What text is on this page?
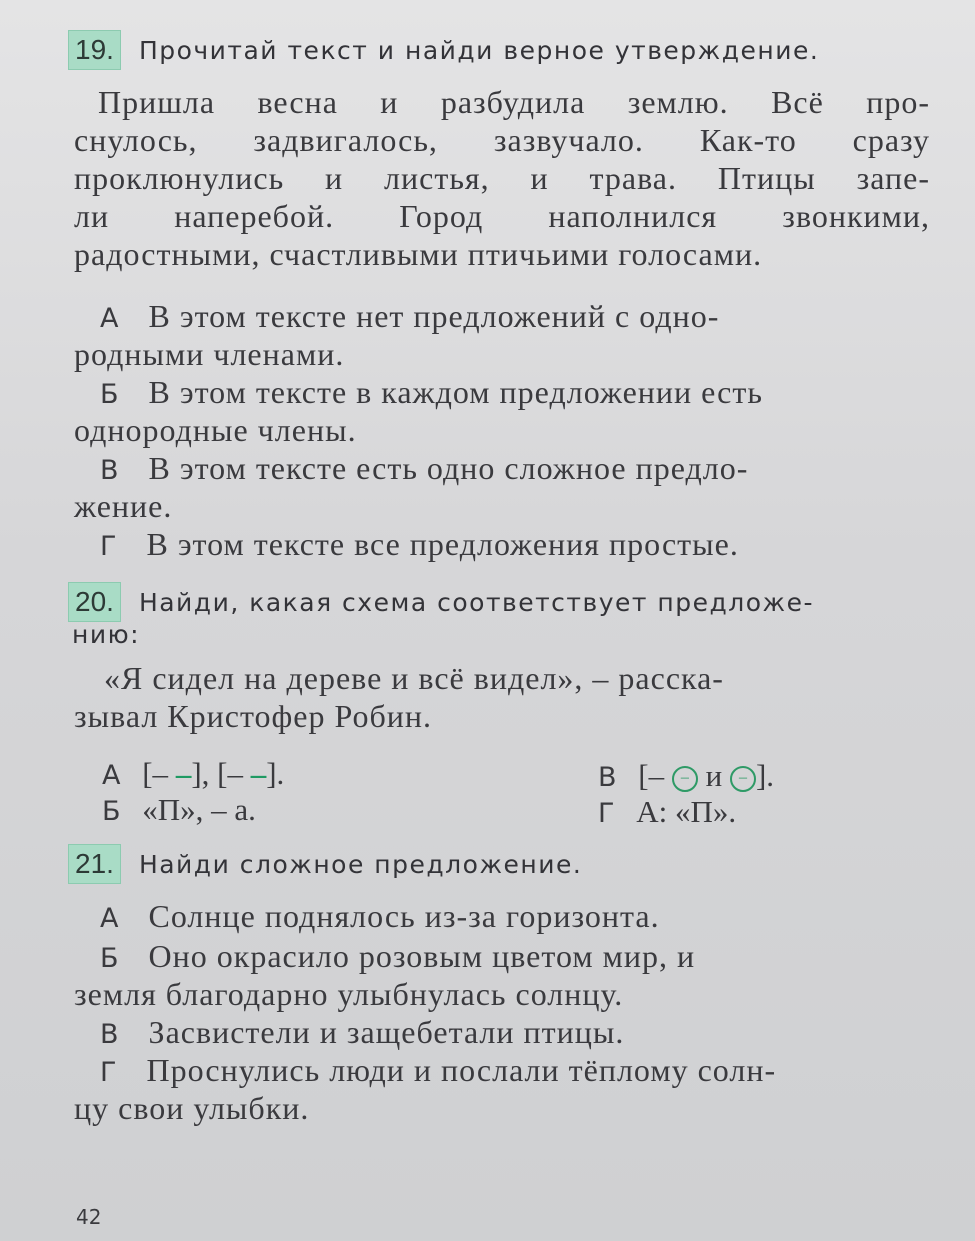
19. Прочитай текст и найди верное утверждение.
Пришла весна и разбудила землю. Всё про-
снулось, задвигалось, зазвучало. Как-то сразу
проклюнулись и листья, и трава. Птицы запе-
ли наперебой. Город наполнился звонкими,
радостными, счастливыми птичьими голосами.
А В этом тексте нет предложений с одно-
родными членами.
Б В этом тексте в каждом предложении есть
однородные члены.
В В этом тексте есть одно сложное предло-
жение.
Г В этом тексте все предложения простые.
20. Найди, какая схема соответствует предложе-
нию:
«Я сидел на дереве и всё видел», – расска-
зывал Кристофер Робин.
А [– –], [– –].
Б «П», – а.
В [– – и – ].
Г А: «П».
21. Найди сложное предложение.
А Солнце поднялось из-за горизонта.
Б Оно окрасило розовым цветом мир, и
земля благодарно улыбнулась солнцу.
В Засвистели и защебетали птицы.
Г Проснулись люди и послали тёплому солн-
цу свои улыбки.
42
